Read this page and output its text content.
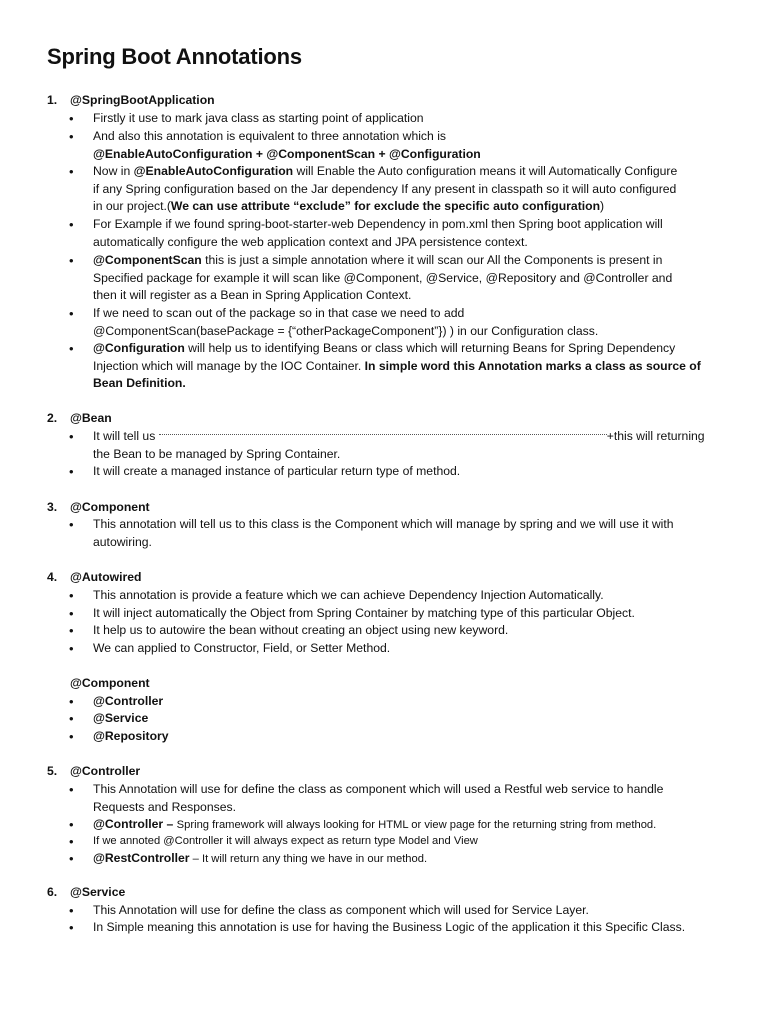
Spring Boot Annotations
1. @SpringBootApplication
• Firstly it use to mark java class as starting point of application
• And also this annotation is equivalent to three annotation which is
@EnableAutoConfiguration + @ComponentScan + @Configuration
• Now in @EnableAutoConfiguration will Enable the Auto configuration means it will Automatically Configure
if any Spring configuration based on the Jar dependency If any present in classpath so it will auto configured
in our project.(We can use attribute “exclude” for exclude the specific auto configuration)
• For Example if we found spring-boot-starter-web Dependency in pom.xml then Spring boot application will
automatically configure the web application context and JPA persistence context.
• @ComponentScan this is just a simple annotation where it will scan our All the Components is present in
Specified package for example it will scan like @Component, @Service, @Repository and @Controller and
then it will register as a Bean in Spring Application Context.
• If we need to scan out of the package so in that case we need to add
@ComponentScan(basePackage = {“otherPackageComponent”}) ) in our Configuration class.
• @Configuration will help us to identifying Beans or class which will returning Beans for Spring Dependency
Injection which will manage by the IOC Container. In simple word this Annotation marks a class as source of
Bean Definition.
2. @Bean
• It will tell us	+this will returning
the Bean to be managed by Spring Container.
• It will create a managed instance of particular return type of method.
3. @Component
• This annotation will tell us to this class is the Component which will manage by spring and we will use it with
autowiring.
4. @Autowired
• This annotation is provide a feature which we can achieve Dependency Injection Automatically.
• It will inject automatically the Object from Spring Container by matching type of this particular Object.
• It help us to autowire the bean without creating an object using new keyword.
• We can applied to Constructor, Field, or Setter Method.
@Component
• @Controller
• @Service
• @Repository
5. @Controller
• This Annotation will use for define the class as component which will used a Restful web service to handle
Requests and Responses.
• @Controller – Spring framework will always looking for HTML or view page for the returning string from method.
•	If we annoted @Controller it will always expect as return type Model and View
• @RestController – It will return any thing we have in our method.
6. @Service
• This Annotation will use for define the class as component which will used for Service Layer.
• In Simple meaning this annotation is use for having the Business Logic of the application it this Specific Class.
